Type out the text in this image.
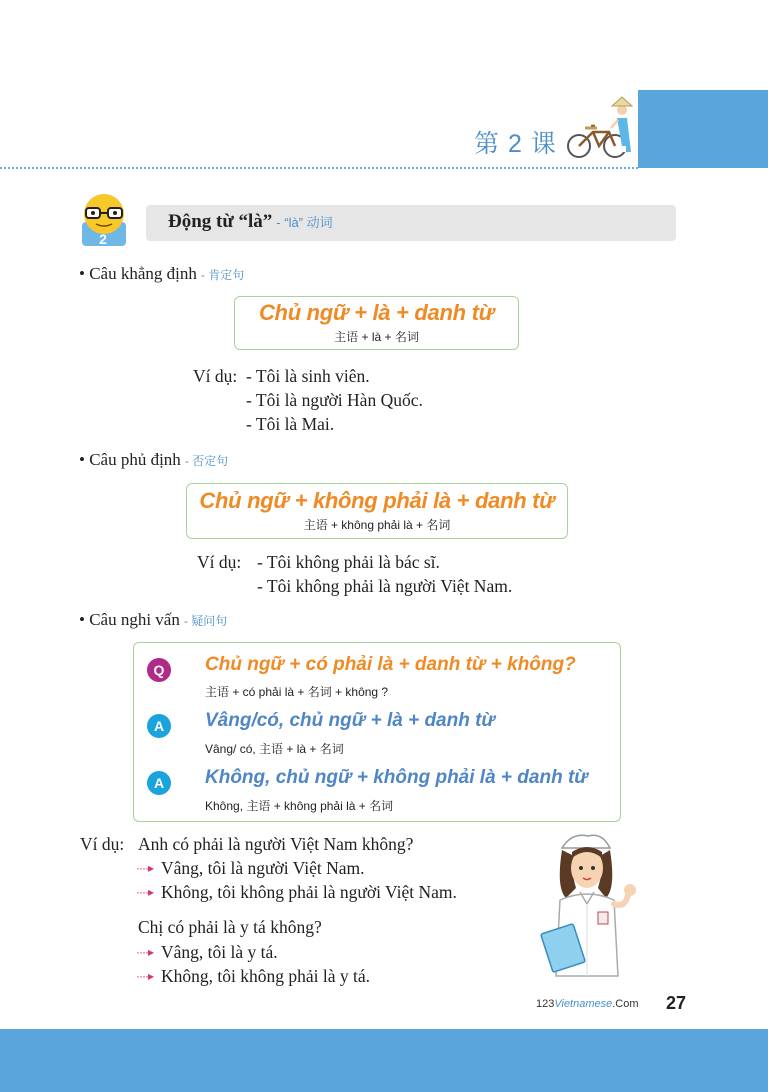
第 2 课
2
Động từ “là” - “là” 动词
• Câu khẳng định - 肯定句
Chủ ngữ + là + danh từ
主语 + là + 名词
Ví dụ: - Tôi là sinh viên.
- Tôi là người Hàn Quốc.
- Tôi là Mai.
• Câu phủ định - 否定句
Chủ ngữ + không phải là + danh từ
主语 + không phải là + 名词
Ví dụ: - Tôi không phải là bác sĩ.
- Tôi không phải là người Việt Nam.
• Câu nghi vấn - 疑问句
Q	Chủ ngữ + có phải là + danh từ + không?
主语 + có phải là + 名词 + không ?
A	Vâng/có, chủ ngữ + là + danh từ
Vâng/ có, 主语 + là + 名词
A	Không, chủ ngữ + không phải là + danh từ
Không, 主语 + không phải là + 名词
Ví dụ: Anh có phải là người Việt Nam không?
····▸ Vâng, tôi là người Việt Nam.
····▸ Không, tôi không phải là người Việt Nam.
Chị có phải là y tá không?
····▸ Vâng, tôi là y tá.
····▸ Không, tôi không phải là y tá.
123Vietnamese.Com 27
